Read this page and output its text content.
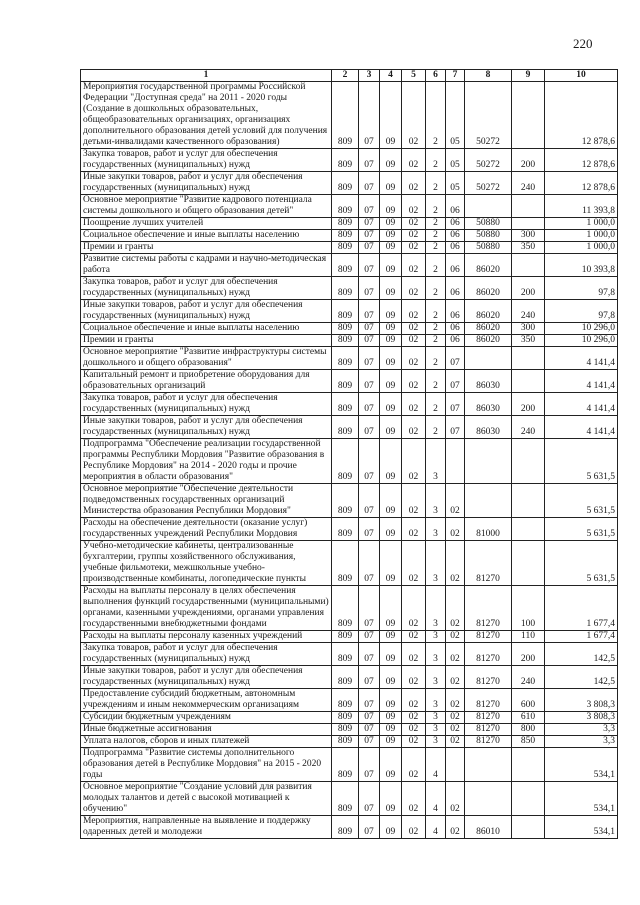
220
1	2	3	4	5	6	7	8	9	10
Мероприятия государственной программы Российской Федерации "Доступная среда" на 2011 - 2020 годы (Создание в дошкольных образовательных, общеобразовательных организациях, организациях дополнительного образования детей условий для получения детьми-инвалидами качественного образования)	809	07	09	02	2	05	50272		12 878,6
Закупка товаров, работ и услуг для обеспечения государственных (муниципальных) нужд	809	07	09	02	2	05	50272	200	12 878,6
Иные закупки товаров, работ и услуг для обеспечения государственных (муниципальных) нужд	809	07	09	02	2	05	50272	240	12 878,6
Основное мероприятие "Развитие кадрового потенциала системы дошкольного и общего образования детей"	809	07	09	02	2	06			11 393,8
Поощрение лучших учителей	809	07	09	02	2	06	50880		1 000,0
Социальное обеспечение и иные выплаты населению	809	07	09	02	2	06	50880	300	1 000,0
Премии и гранты	809	07	09	02	2	06	50880	350	1 000,0
Развитие системы работы с кадрами и научно-методическая работа	809	07	09	02	2	06	86020		10 393,8
Закупка товаров, работ и услуг для обеспечения государственных (муниципальных) нужд	809	07	09	02	2	06	86020	200	97,8
Иные закупки товаров, работ и услуг для обеспечения государственных (муниципальных) нужд	809	07	09	02	2	06	86020	240	97,8
Социальное обеспечение и иные выплаты населению	809	07	09	02	2	06	86020	300	10 296,0
Премии и гранты	809	07	09	02	2	06	86020	350	10 296,0
Основное мероприятие "Развитие инфраструктуры системы дошкольного и общего образования"	809	07	09	02	2	07			4 141,4
Капитальный ремонт и приобретение оборудования для образовательных организаций	809	07	09	02	2	07	86030		4 141,4
Закупка товаров, работ и услуг для обеспечения государственных (муниципальных) нужд	809	07	09	02	2	07	86030	200	4 141,4
Иные закупки товаров, работ и услуг для обеспечения государственных (муниципальных) нужд	809	07	09	02	2	07	86030	240	4 141,4
Подпрограмма "Обеспечение реализации государственной программы Республики Мордовия "Развитие образования в Республике Мордовия" на 2014 - 2020 годы и прочие мероприятия в области образования"	809	07	09	02	3				5 631,5
Основное мероприятие "Обеспечение деятельности подведомственных государственных организаций Министерства образования Республики Мордовия"	809	07	09	02	3	02			5 631,5
Расходы на обеспечение деятельности (оказание услуг) государственных учреждений Республики Мордовия	809	07	09	02	3	02	81000		5 631,5
Учебно-методические кабинеты, централизованные бухгалтерии, группы хозяйственного обслуживания, учебные фильмотеки, межшкольные учебно-производственные комбинаты, логопедические пункты	809	07	09	02	3	02	81270		5 631,5
Расходы на выплаты персоналу в целях обеспечения выполнения функций государственными (муниципальными) органами, казенными учреждениями, органами управления государственными внебюджетными фондами	809	07	09	02	3	02	81270	100	1 677,4
Расходы на выплаты персоналу казенных учреждений	809	07	09	02	3	02	81270	110	1 677,4
Закупка товаров, работ и услуг для обеспечения государственных (муниципальных) нужд	809	07	09	02	3	02	81270	200	142,5
Иные закупки товаров, работ и услуг для обеспечения государственных (муниципальных) нужд	809	07	09	02	3	02	81270	240	142,5
Предоставление субсидий бюджетным, автономным учреждениям и иным некоммерческим организациям	809	07	09	02	3	02	81270	600	3 808,3
Субсидии бюджетным учреждениям	809	07	09	02	3	02	81270	610	3 808,3
Иные бюджетные ассигнования	809	07	09	02	3	02	81270	800	3,3
Уплата налогов, сборов и иных платежей	809	07	09	02	3	02	81270	850	3,3
Подпрограмма "Развитие системы дополнительного образования детей в Республике Мордовия" на 2015 - 2020 годы	809	07	09	02	4				534,1
Основное мероприятие "Создание условий для развития молодых талантов и детей с высокой мотивацией к обучению"	809	07	09	02	4	02			534,1
Мероприятия, направленные на выявление и поддержку одаренных детей и молодежи	809	07	09	02	4	02	86010		534,1
